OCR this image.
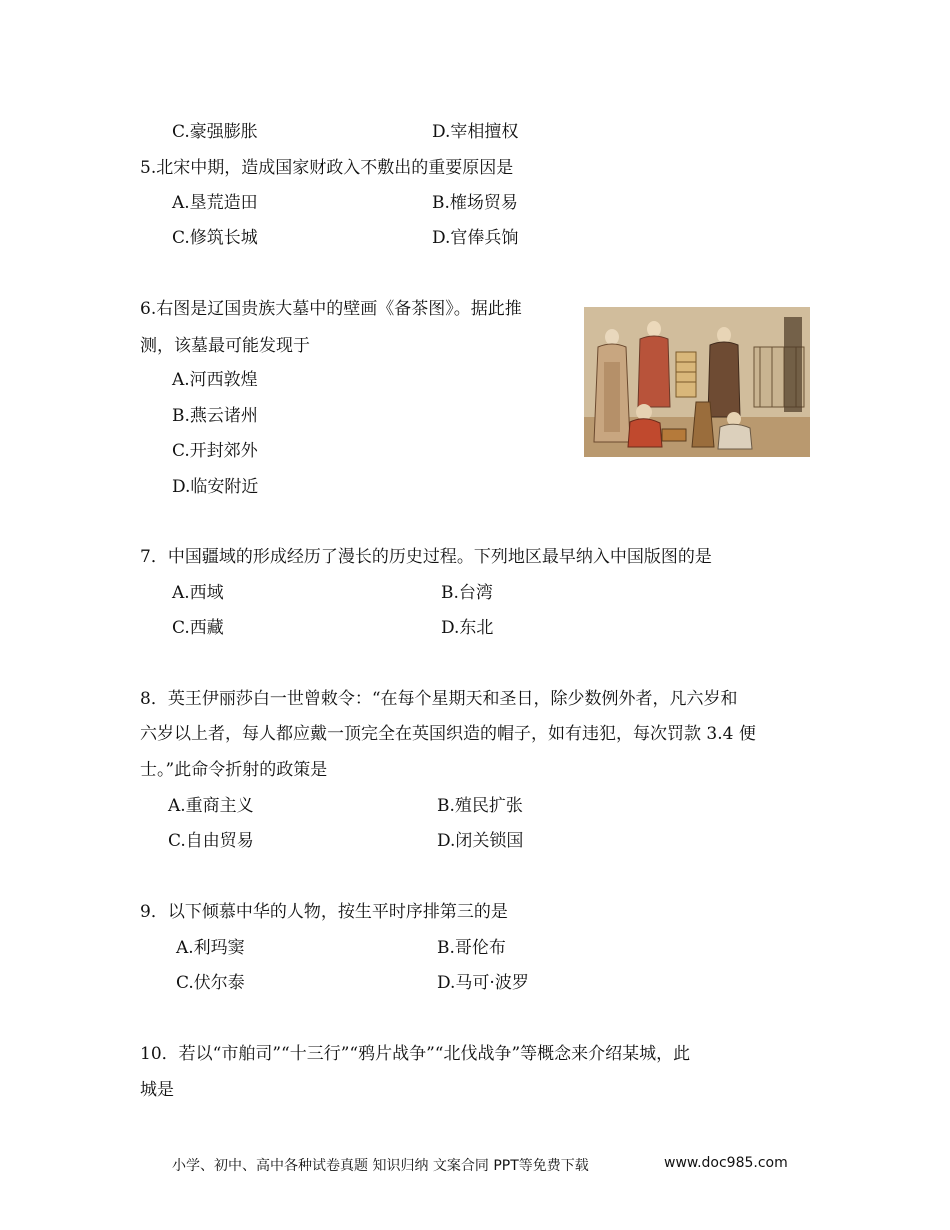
C.豪强膨胀	D.宰相擅权
5.北宋中期，造成国家财政入不敷出的重要原因是
A.垦荒造田	B.榷场贸易
C.修筑长城	D.官俸兵饷
6.右图是辽国贵族大墓中的壁画《备茶图》。据此推
测，该墓最可能发现于
A.河西敦煌
B.燕云诸州
C.开封郊外
D.临安附近
7．中国疆域的形成经历了漫长的历史过程。下列地区最早纳入中国版图的是
A.西域	B.台湾
C.西藏	D.东北
8．英王伊丽莎白一世曾敕令：“在每个星期天和圣日，除少数例外者，凡六岁和
六岁以上者，每人都应戴一顶完全在英国织造的帽子，如有违犯，每次罚款 3.4 便
士。”此命令折射的政策是
A.重商主义	B.殖民扩张
C.自由贸易	D.闭关锁国
9．以下倾慕中华的人物，按生平时序排第三的是
A.利玛窦	B.哥伦布
C.伏尔泰	D.马可·波罗
10．若以“市舶司”“十三行”“鸦片战争”“北伐战争”等概念来介绍某城，此
城是
小学、初中、高中各种试卷真题 知识归纳 文案合同 PPT等免费下载	www.doc985.com
